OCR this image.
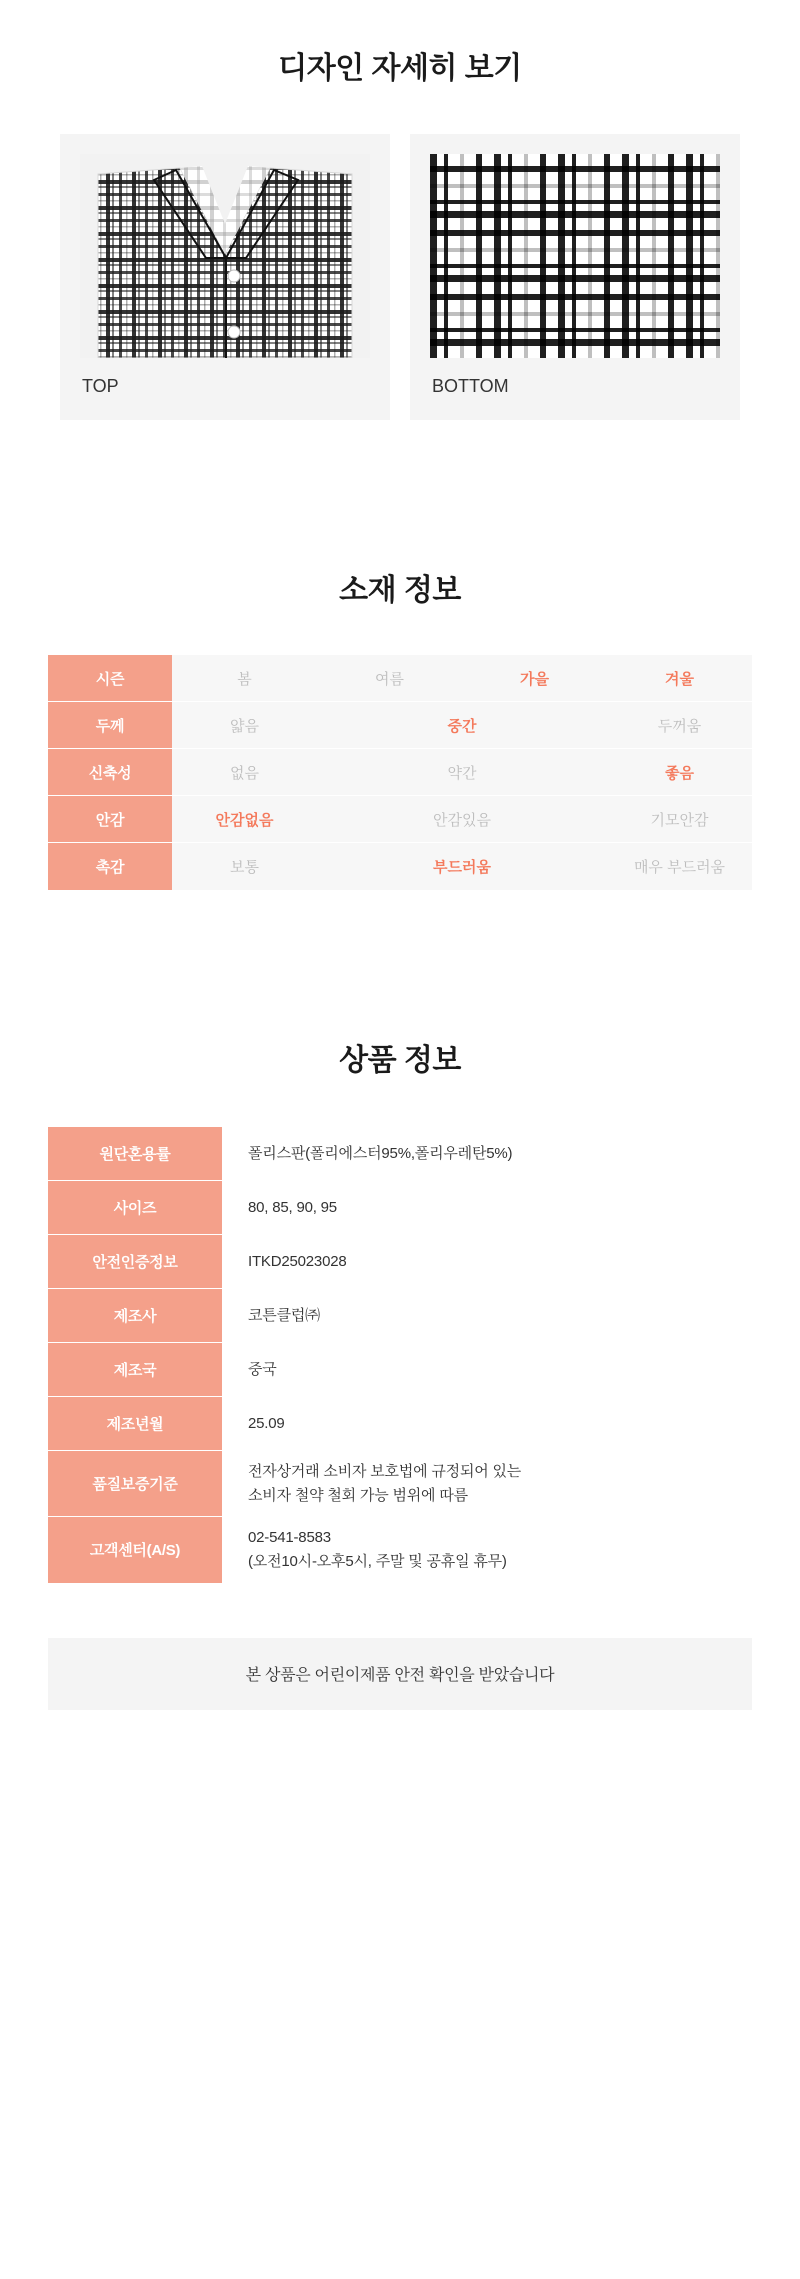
디자인 자세히 보기
TOP	BOTTOM
소재 정보
시즌	봄	여름	가을	겨울
두께	얇음	중간		두꺼움
신축성	없음	약간		좋음
안감	안감없음	안감있음		기모안감
촉감	보통	부드러움		매우 부드러움
상품 정보
원단혼용률	폴리스판(폴리에스터95%,폴리우레탄5%)
사이즈	80, 85, 90, 95
안전인증정보	ITKD25023028
제조사	코튼클럽㈜
제조국	중국
제조년월	25.09
품질보증기준	전자상거래 소비자 보호법에 규정되어 있는
소비자 철약 철회 가능 범위에 따름
고객센터(A/S)	02-541-8583
(오전10시-오후5시, 주말 및 공휴일 휴무)
본 상품은 어린이제품 안전 확인을 받았습니다
